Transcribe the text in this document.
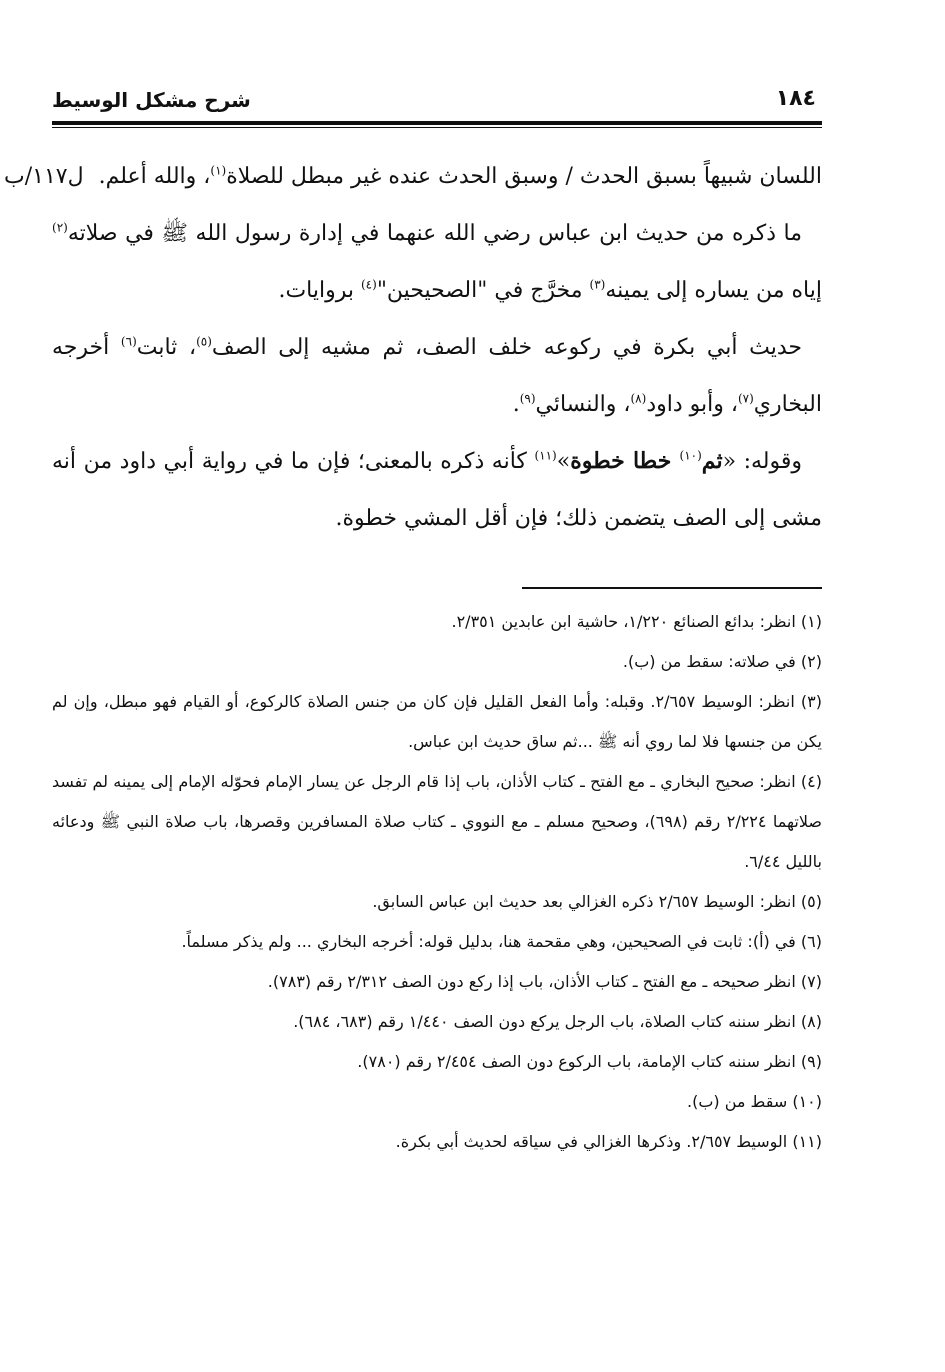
شرح مشكل الوسيط	١٨٤
ل١١٧/ب	اللسان شبيهاً بسبق الحدث / وسبق الحدث عنده غير مبطل للصلاة$^{(١)}$، والله أعلم.

ما ذكره من حديث ابن عباس رضي الله عنهما في إدارة رسول الله ﷺ في صلاته$^{(٢)}$ إياه من يساره إلى يمينه$^{(٣)}$ مخرَّج في "الصحيحين"$^{(٤)}$ بروايات.

حديث أبي بكرة في ركوعه خلف الصف، ثم مشيه إلى الصف$^{(٥)}$، ثابت$^{(٦)}$ أخرجه البخاري$^{(٧)}$، وأبو داود$^{(٨)}$، والنسائي$^{(٩)}$.

وقوله: «ثم$^{(١٠)}$ خطا خطوة»$^{(١١)}$ كأنه ذكره بالمعنى؛ فإن ما في رواية أبي داود من أنه مشى إلى الصف يتضمن ذلك؛ فإن أقل المشي خطوة.

(١) انظر: بدائع الصنائع ١/٢٢٠، حاشية ابن عابدين ٢/٣٥١.

(٢) في صلاته: سقط من (ب).

(٣) انظر: الوسيط ٢/٦٥٧. وقبله: وأما الفعل القليل فإن كان من جنس الصلاة كالركوع، أو القيام فهو مبطل، وإن لم يكن من جنسها فلا لما روي أنه ﷺ ...ثم ساق حديث ابن عباس.

(٤) انظر: صحيح البخاري ـ مع الفتح ـ كتاب الأذان، باب إذا قام الرجل عن يسار الإمام فحوّله الإمام إلى يمينه لم تفسد صلاتهما ٢/٢٢٤ رقم (٦٩٨)، وصحيح مسلم ـ مع النووي ـ كتاب صلاة المسافرين وقصرها، باب صلاة النبي ﷺ ودعائه بالليل ٦/٤٤.

(٥) انظر: الوسيط ٢/٦٥٧ ذكره الغزالي بعد حديث ابن عباس السابق.

(٦) في (أ): ثابت في الصحيحين، وهي مقحمة هنا، بدليل قوله: أخرجه البخاري ... ولم يذكر مسلماً.

(٧) انظر صحيحه ـ مع الفتح ـ كتاب الأذان، باب إذا ركع دون الصف ٢/٣١٢ رقم (٧٨٣).

(٨) انظر سننه كتاب الصلاة، باب الرجل يركع دون الصف ١/٤٤٠ رقم (٦٨٣، ٦٨٤).

(٩) انظر سننه كتاب الإمامة، باب الركوع دون الصف ٢/٤٥٤ رقم (٧٨٠).

(١٠) سقط من (ب).

(١١) الوسيط ٢/٦٥٧. وذكرها الغزالي في سياقه لحديث أبي بكرة.
